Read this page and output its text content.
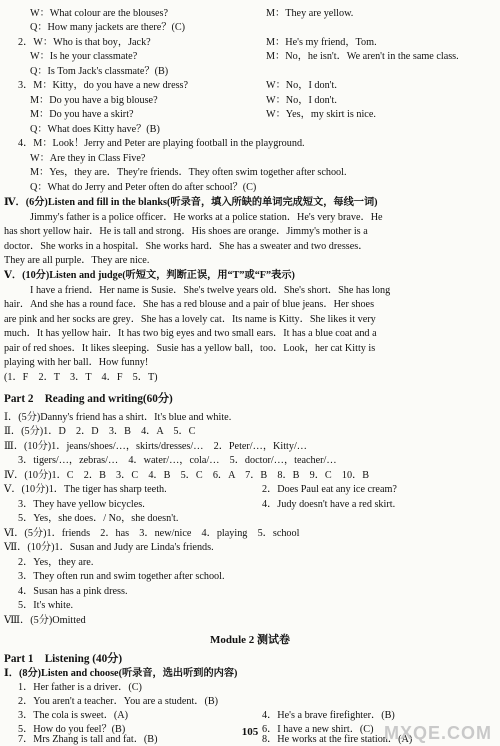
W：What colour are the blouses?	M：They are yellow.
Q：How many jackets are there？(C)
2．W：Who is that boy，Jack?	M：He's my friend，Tom.
W：Is he your classmate?	M：No，he isn't．We aren't in the same class.
Q：Is Tom Jack's classmate？(B)
3．M：Kitty，do you have a new dress?	W：No，I don't.
M：Do you have a big blouse?	W：No，I don't.
M：Do you have a skirt?	W：Yes，my skirt is nice.
Q：What does Kitty have？(B)
4．M：Look！Jerry and Peter are playing football in the playground.
W：Are they in Class Five?
M：Yes，they are．They're friends．They often swim together after school.
Q：What do Jerry and Peter often do after school？(C)
Ⅳ．(6分)Listen and fill in the blanks(听录音，填入所缺的单词完成短文，每线一词)
Jimmy's father is a police officer．He works at a police station．He's very brave．He
has short yellow hair．He is tall and strong．His shoes are orange．Jimmy's mother is a
doctor．She works in a hospital．She works hard．She has a sweater and two dresses．
They are all purple．They are nice.
Ⅴ．(10分)Listen and judge(听短文，判断正误，用“T”或“F”表示)
I have a friend．Her name is Susie．She's twelve years old．She's short．She has long
hair．And she has a round face．She has a red blouse and a pair of blue jeans．Her shoes
are pink and her socks are grey．She has a lovely cat．Its name is Kitty．She likes it very
much．It has yellow hair．It has two big eyes and two small ears．It has a blue coat and a
pair of red shoes．It likes sleeping．Susie has a yellow ball，too．Look，her cat Kitty is
playing with her ball．How funny!
(1．F　2．T　3．T　4．F　5．T)
Part 2　Reading and writing(60分)
Ⅰ．(5分)Danny's friend has a shirt．It's blue and white.
Ⅱ．(5分)1．D　2．D　3．B　4．A　5．C
Ⅲ．(10分)1．jeans/shoes/…，skirts/dresses/…　2．Peter/…，Kitty/…
3．tigers/…，zebras/…　4．water/…，cola/…　5．doctor/…，teacher/…
Ⅳ．(10分)1．C　2．B　3．C　4．B　5．C　6．A　7．B　8．B　9．C　10．B
Ⅴ．(10分)1．The tiger has sharp teeth.	2．Does Paul eat any ice cream?
3．They have yellow bicycles.	4．Judy doesn't have a red skirt.
5．Yes，she does．/ No，she doesn't.
Ⅵ．(5分)1．friends　2．has　3．new/nice　4．playing　5．school
Ⅶ．(10分)1．Susan and Judy are Linda's friends.
2．Yes，they are.
3．They often run and swim together after school.
4．Susan has a pink dress.
5．It's white.
Ⅷ．(5分)Omitted
Module 2 测试卷
Part 1　Listening (40分)
Ⅰ．(8分)Listen and choose(听录音，选出听到的内容)
1．Her father is a driver．(C)
2．You aren't a teacher．You are a student．(B)
3．The cola is sweet．(A)	4．He's a brave firefighter．(B)
5．How do you feel？(B)	6．I have a new shirt．(C)
7．Mrs Zhang is tall and fat．(B)	8．He works at the fire station．(A)
105	MXQE.COM
